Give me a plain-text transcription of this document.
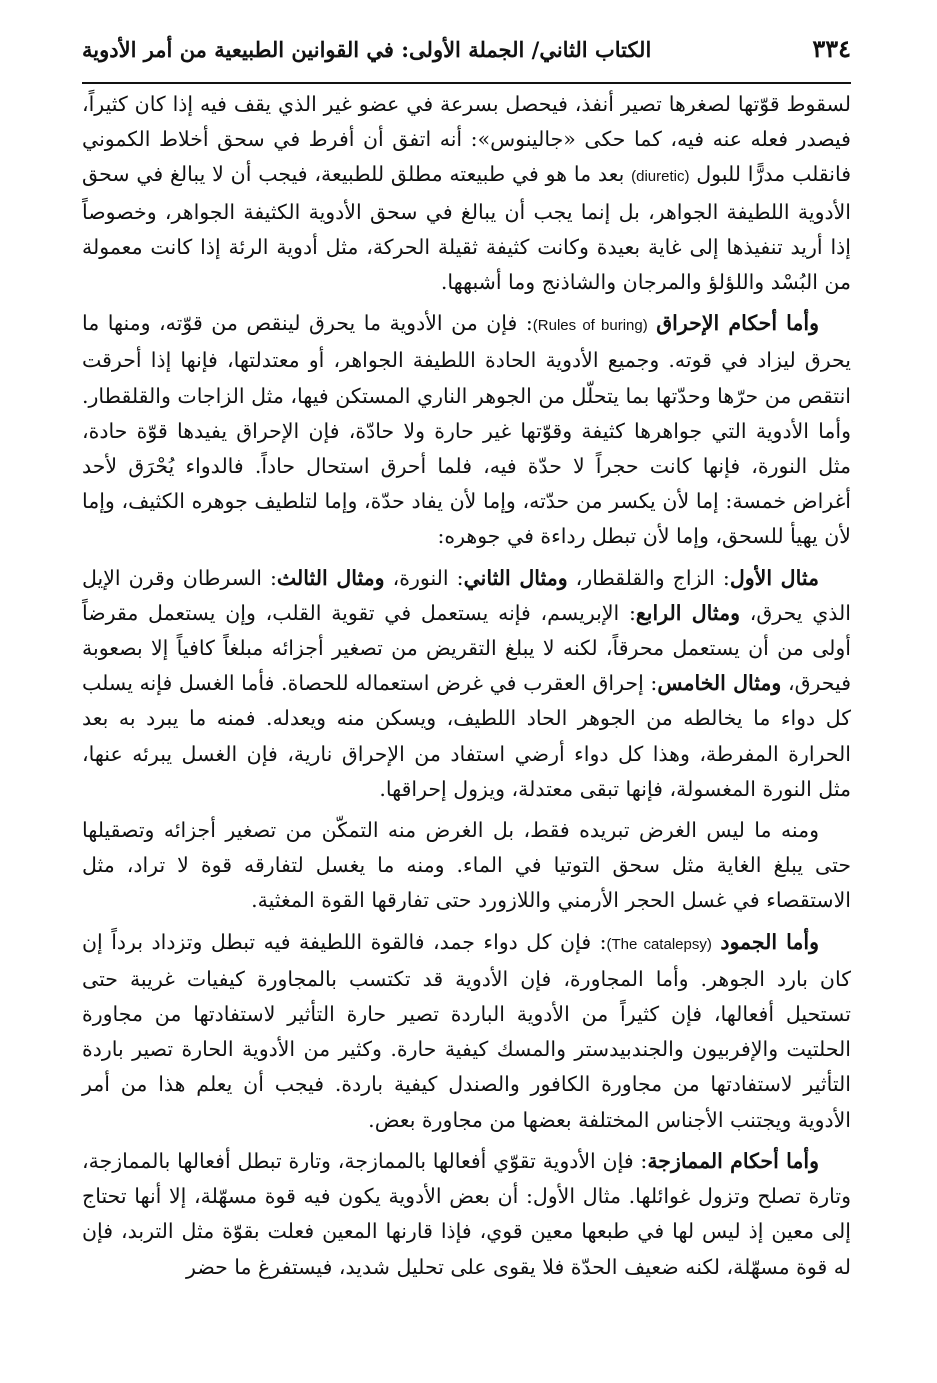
٣٣٤
الكتاب الثاني/ الجملة الأولى: في القوانين الطبيعية من أمر الأدوية

لسقوط قوّتها لصغرها تصير أنفذ، فيحصل بسرعة في عضو غير الذي يقف فيه إذا كان كثيراً، فيصدر فعله عنه فيه، كما حكى «جالينوس»: أنه اتفق أن أفرط في سحق أخلاط الكموني فانقلب مدرًّا للبول (diuretic) بعد ما هو في طبيعته مطلق للطبيعة، فيجب أن لا يبالغ في سحق الأدوية اللطيفة الجواهر، بل إنما يجب أن يبالغ في سحق الأدوية الكثيفة الجواهر، وخصوصاً إذا أريد تنفيذها إلى غاية بعيدة وكانت كثيفة ثقيلة الحركة، مثل أدوية الرئة إذا كانت معمولة من البُسْد واللؤلؤ والمرجان والشاذنج وما أشبهها.

وأما أحكام الإحراق (Rules of buring): فإن من الأدوية ما يحرق لينقص من قوّته، ومنها ما يحرق ليزاد في قوته. وجميع الأدوية الحادة اللطيفة الجواهر، أو معتدلتها، فإنها إذا أحرقت انتقص من حرّها وحدّتها بما يتحلّل من الجوهر الناري المستكن فيها، مثل الزاجات والقلقطار. وأما الأدوية التي جواهرها كثيفة وقوّتها غير حارة ولا حادّة، فإن الإحراق يفيدها قوّة حادة، مثل النورة، فإنها كانت حجراً لا حدّة فيه، فلما أحرق استحال حاداً. فالدواء يُحْرَق لأحد أغراض خمسة: إما لأن يكسر من حدّته، وإما لأن يفاد حدّة، وإما لتلطيف جوهره الكثيف، وإما لأن يهيأ للسحق، وإما لأن تبطل رداءة في جوهره:

مثال الأول: الزاج والقلقطار، ومثال الثاني: النورة، ومثال الثالث: السرطان وقرن الإيل الذي يحرق، ومثال الرابع: الإبريسم، فإنه يستعمل في تقوية القلب، وإن يستعمل مقرضاً أولى من أن يستعمل محرقاً، لكنه لا يبلغ التقريض من تصغير أجزائه مبلغاً كافياً إلا بصعوبة فيحرق، ومثال الخامس: إحراق العقرب في غرض استعماله للحصاة. فأما الغسل فإنه يسلب كل دواء ما يخالطه من الجوهر الحاد اللطيف، ويسكن منه ويعدله. فمنه ما يبرد به بعد الحرارة المفرطة، وهذا كل دواء أرضي استفاد من الإحراق نارية، فإن الغسل يبرئه عنها، مثل النورة المغسولة، فإنها تبقى معتدلة، ويزول إحراقها.

ومنه ما ليس الغرض تبريده فقط، بل الغرض منه التمكّن من تصغير أجزائه وتصقيلها حتى يبلغ الغاية مثل سحق التوتيا في الماء. ومنه ما يغسل لتفارقه قوة لا تراد، مثل الاستقصاء في غسل الحجر الأرمني واللازورد حتى تفارقها القوة المغثية.

وأما الجمود (The catalepsy): فإن كل دواء جمد، فالقوة اللطيفة فيه تبطل وتزداد برداً إن كان بارد الجوهر. وأما المجاورة، فإن الأدوية قد تكتسب بالمجاورة كيفيات غريبة حتى تستحيل أفعالها، فإن كثيراً من الأدوية الباردة تصير حارة التأثير لاستفادتها من مجاورة الحلتيت والإفربيون والجندبيدستر والمسك كيفية حارة. وكثير من الأدوية الحارة تصير باردة التأثير لاستفادتها من مجاورة الكافور والصندل كيفية باردة. فيجب أن يعلم هذا من أمر الأدوية ويجتنب الأجناس المختلفة بعضها من مجاورة بعض.

وأما أحكام الممازجة: فإن الأدوية تقوّي أفعالها بالممازجة، وتارة تبطل أفعالها بالممازجة، وتارة تصلح وتزول غوائلها. مثال الأول: أن بعض الأدوية يكون فيه قوة مسهّلة، إلا أنها تحتاج إلى معين إذ ليس لها في طبعها معين قوي، فإذا قارنها المعين فعلت بقوّة مثل التربد، فإن له قوة مسهّلة، لكنه ضعيف الحدّة فلا يقوى على تحليل شديد، فيستفرغ ما حضر
